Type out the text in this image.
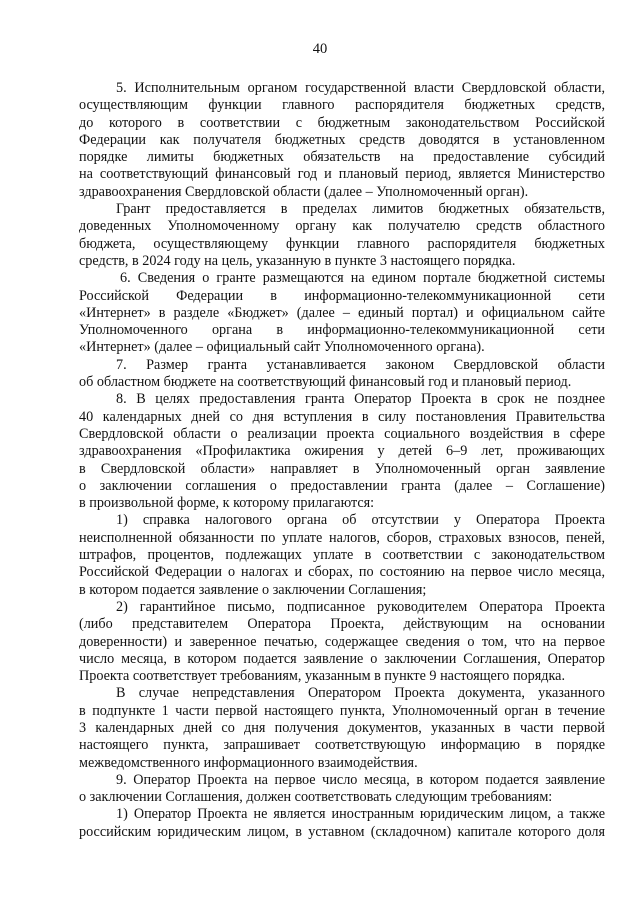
40
5. Исполнительным органом государственной власти Свердловской области,
осуществляющим функции главного распорядителя бюджетных средств,
до которого в соответствии с бюджетным законодательством Российской
Федерации как получателя бюджетных средств доводятся в установленном
порядке лимиты бюджетных обязательств на предоставление субсидий
на соответствующий финансовый год и плановый период, является Министерство
здравоохранения Свердловской области (далее – Уполномоченный орган).
Грант предоставляется в пределах лимитов бюджетных обязательств,
доведенных Уполномоченному органу как получателю средств областного
бюджета, осуществляющему функции главного распорядителя бюджетных
средств, в 2024 году на цель, указанную в пункте 3 настоящего порядка.
6. Сведения о гранте размещаются на едином портале бюджетной системы
Российской Федерации в информационно-телекоммуникационной сети
«Интернет» в разделе «Бюджет» (далее – единый портал) и официальном сайте
Уполномоченного органа в информационно-телекоммуникационной сети
«Интернет» (далее – официальный сайт Уполномоченного органа).
7. Размер гранта устанавливается законом Свердловской области
об областном бюджете на соответствующий финансовый год и плановый период.
8. В целях предоставления гранта Оператор Проекта в срок не позднее
40 календарных дней со дня вступления в силу постановления Правительства
Свердловской области о реализации проекта социального воздействия в сфере
здравоохранения «Профилактика ожирения у детей 6–9 лет, проживающих
в Свердловской области» направляет в Уполномоченный орган заявление
о заключении соглашения о предоставлении гранта (далее – Соглашение)
в произвольной форме, к которому прилагаются:
1) справка налогового органа об отсутствии у Оператора Проекта
неисполненной обязанности по уплате налогов, сборов, страховых взносов, пеней,
штрафов, процентов, подлежащих уплате в соответствии с законодательством
Российской Федерации о налогах и сборах, по состоянию на первое число месяца,
в котором подается заявление о заключении Соглашения;
2) гарантийное письмо, подписанное руководителем Оператора Проекта
(либо представителем Оператора Проекта, действующим на основании
доверенности) и заверенное печатью, содержащее сведения о том, что на первое
число месяца, в котором подается заявление о заключении Соглашения, Оператор
Проекта соответствует требованиям, указанным в пункте 9 настоящего порядка.
В случае непредставления Оператором Проекта документа, указанного
в подпункте 1 части первой настоящего пункта, Уполномоченный орган в течение
3 календарных дней со дня получения документов, указанных в части первой
настоящего пункта, запрашивает соответствующую информацию в порядке
межведомственного информационного взаимодействия.
9. Оператор Проекта на первое число месяца, в котором подается заявление
о заключении Соглашения, должен соответствовать следующим требованиям:
1) Оператор Проекта не является иностранным юридическим лицом, а также
российским юридическим лицом, в уставном (складочном) капитале которого доля
